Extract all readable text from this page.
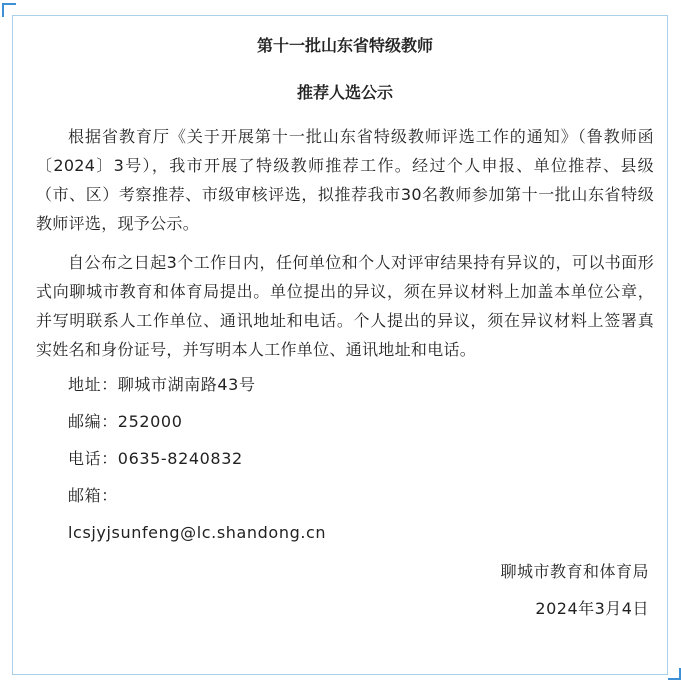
第十一批山东省特级教师

推荐人选公示

根据省教育厅《关于开展第十一批山东省特级教师评选工作的通知》（鲁教师函〔2024〕3号），我市开展了特级教师推荐工作。经过个人申报、单位推荐、县级（市、区）考察推荐、市级审核评选，拟推荐我市30名教师参加第十一批山东省特级教师评选，现予公示。

自公布之日起3个工作日内，任何单位和个人对评审结果持有异议的，可以书面形式向聊城市教育和体育局提出。单位提出的异议，须在异议材料上加盖本单位公章，并写明联系人工作单位、通讯地址和电话。个人提出的异议，须在异议材料上签署真实姓名和身份证号，并写明本人工作单位、通讯地址和电话。

地址：聊城市湖南路43号

邮编：252000

电话：0635-8240832

邮箱：

lcsjyjsunfeng@lc.shandong.cn

聊城市教育和体育局

2024年3月4日
